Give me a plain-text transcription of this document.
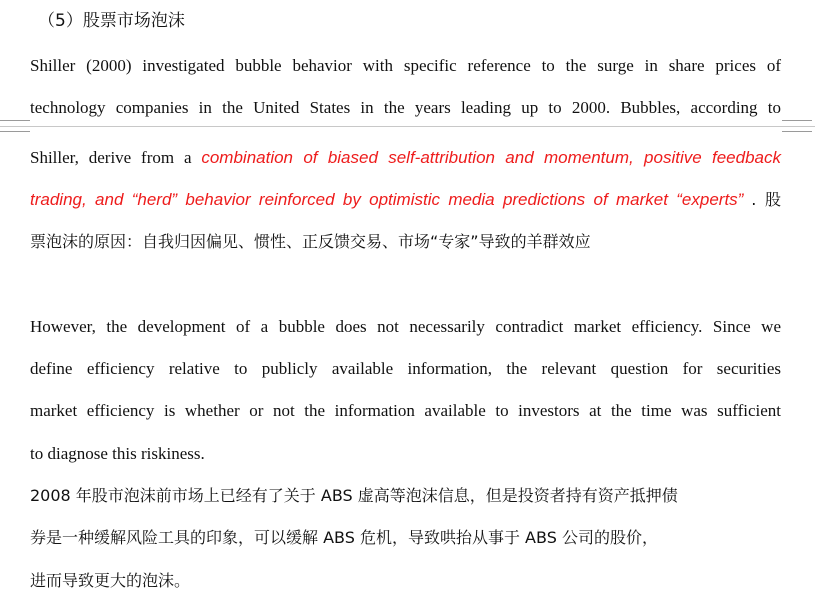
（5）股票市场泡沫
Shiller (2000) investigated bubble behavior with specific reference to the surge in share prices of
technology companies in the United States in the years leading up to 2000. Bubbles, according to
Shiller, derive from a combination of biased self-attribution and momentum, positive feedback
trading, and “herd” behavior reinforced by optimistic media predictions of market “experts” . 股
票泡沫的原因：自我归因偏见、惯性、正反馈交易、市场“专家”导致的羊群效应
However, the development of a bubble does not necessarily contradict market efficiency. Since we
define efficiency relative to publicly available information, the relevant question for securities
market efficiency is whether or not the information available to investors at the time was sufficient
to diagnose this riskiness.
2008 年股市泡沫前市场上已经有了关于 ABS 虚高等泡沫信息，但是投资者持有资产抵押债
券是一种缓解风险工具的印象，可以缓解 ABS 危机，导致哄抬从事于 ABS 公司的股价，
进而导致更大的泡沫。
